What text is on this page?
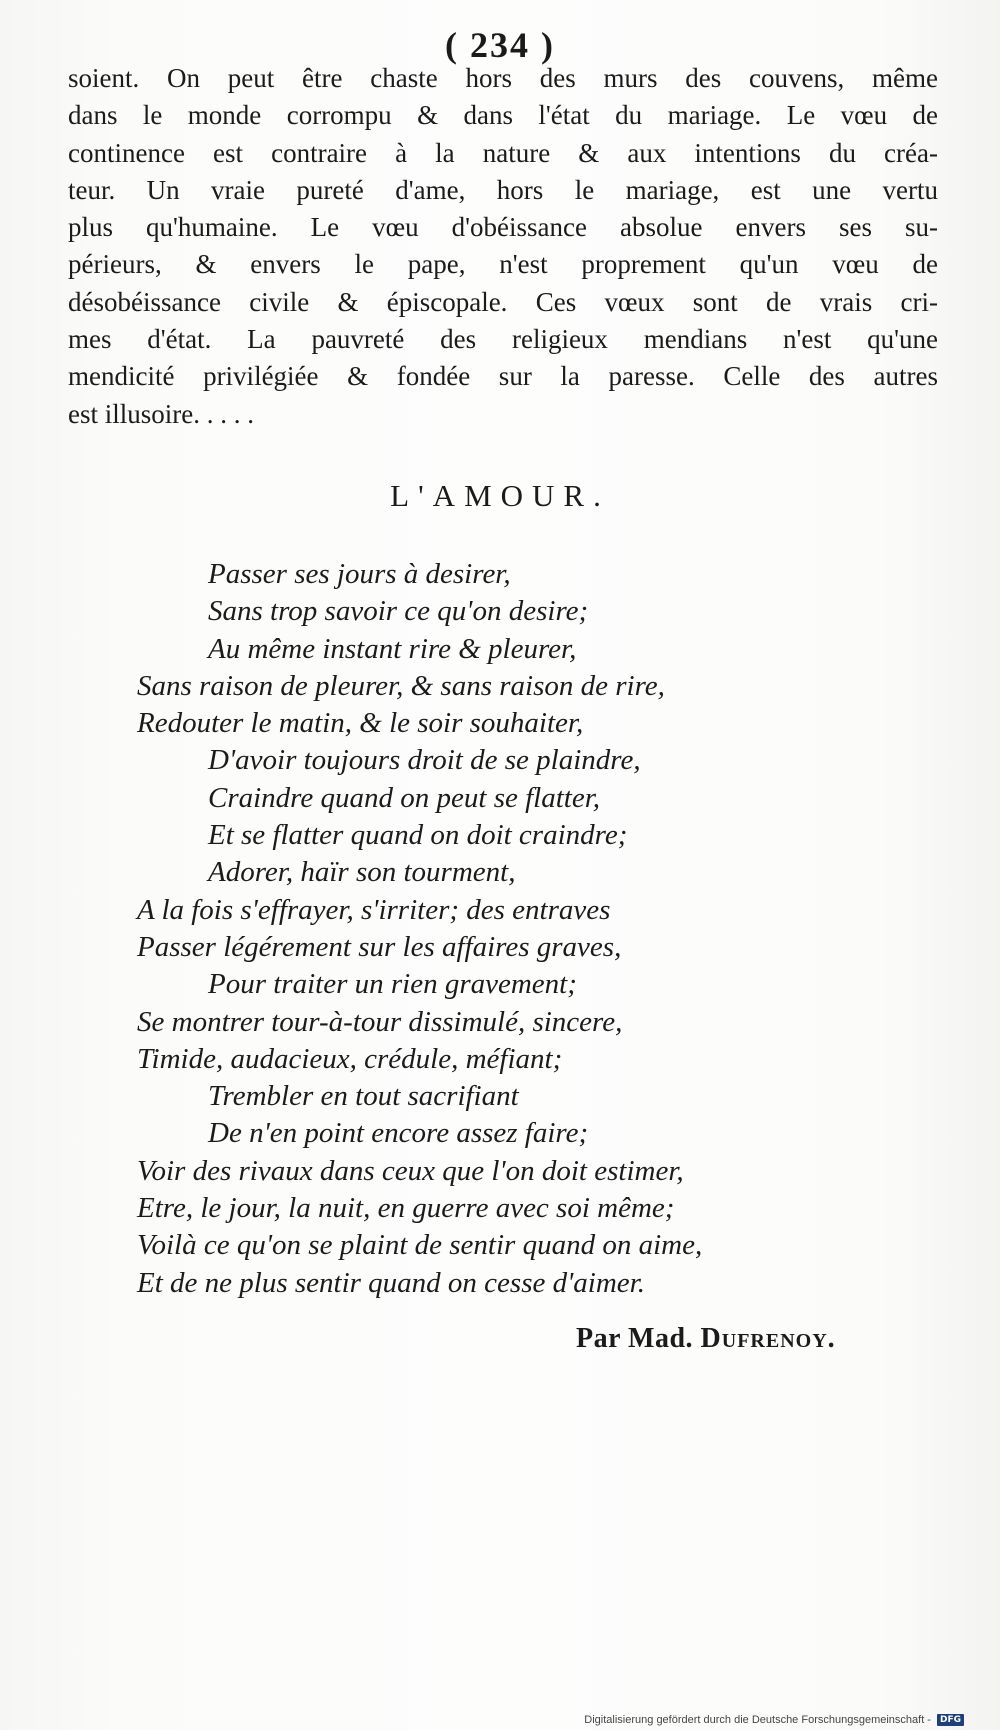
( 234 )
soient. On peut être chaste hors des murs des couvens, même
dans le monde corrompu & dans l'état du mariage. Le vœu de
continence est contraire à la nature & aux intentions du créa-
teur. Un vraie pureté d'ame, hors le mariage, est une vertu
plus qu'humaine. Le vœu d'obéissance absolue envers ses su-
périeurs, & envers le pape, n'est proprement qu'un vœu de
désobéissance civile & épiscopale. Ces vœux sont de vrais cri-
mes d'état. La pauvreté des religieux mendians n'est qu'une
mendicité privilégiée & fondée sur la paresse. Celle des autres
est illusoire. . . . .
L'AMOUR.
Passer ses jours à desirer,
Sans trop savoir ce qu'on desire;
Au même instant rire & pleurer,
Sans raison de pleurer, & sans raison de rire,
Redouter le matin, & le soir souhaiter,
D'avoir toujours droit de se plaindre,
Craindre quand on peut se flatter,
Et se flatter quand on doit craindre;
Adorer, haïr son tourment,
A la fois s'effrayer, s'irriter; des entraves
Passer légérement sur les affaires graves,
Pour traiter un rien gravement;
Se montrer tour-à-tour dissimulé, sincere,
Timide, audacieux, crédule, méfiant;
Trembler en tout sacrifiant
De n'en point encore assez faire;
Voir des rivaux dans ceux que l'on doit estimer,
Etre, le jour, la nuit, en guerre avec soi même;
Voilà ce qu'on se plaint de sentir quand on aime,
Et de ne plus sentir quand on cesse d'aimer.
Par Mad. Dufrenoy.
Digitalisierung gefördert durch die Deutsche Forschungsgemeinschaft -	DFG
